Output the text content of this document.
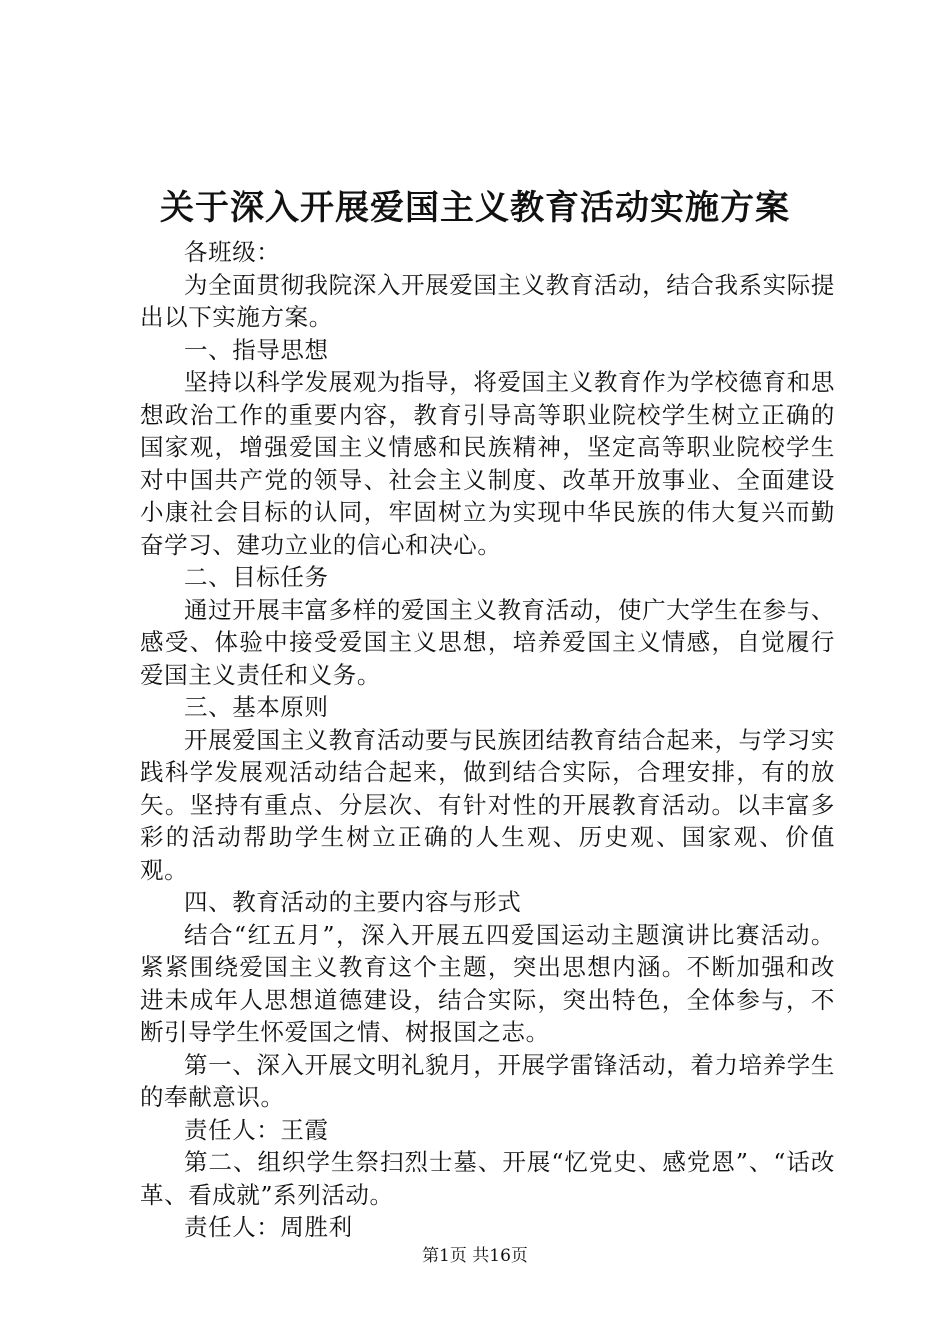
关于深入开展爱国主义教育活动实施方案

各班级：

为全面贯彻我院深入开展爱国主义教育活动，结合我系实际提出以下实施方案。

一、指导思想

坚持以科学发展观为指导，将爱国主义教育作为学校德育和思想政治工作的重要内容，教育引导高等职业院校学生树立正确的国家观，增强爱国主义情感和民族精神，坚定高等职业院校学生对中国共产党的领导、社会主义制度、改革开放事业、全面建设小康社会目标的认同，牢固树立为实现中华民族的伟大复兴而勤奋学习、建功立业的信心和决心。

二、目标任务

通过开展丰富多样的爱国主义教育活动，使广大学生在参与、感受、体验中接受爱国主义思想，培养爱国主义情感，自觉履行爱国主义责任和义务。

三、基本原则

开展爱国主义教育活动要与民族团结教育结合起来，与学习实践科学发展观活动结合起来，做到结合实际，合理安排，有的放矢。坚持有重点、分层次、有针对性的开展教育活动。以丰富多彩的活动帮助学生树立正确的人生观、历史观、国家观、价值观。

四、教育活动的主要内容与形式

结合“红五月”，深入开展五四爱国运动主题演讲比赛活动。紧紧围绕爱国主义教育这个主题，突出思想内涵。不断加强和改进未成年人思想道德建设，结合实际，突出特色，全体参与，不断引导学生怀爱国之情、树报国之志。

第一、深入开展文明礼貌月，开展学雷锋活动，着力培养学生的奉献意识。

责任人：王霞

第二、组织学生祭扫烈士墓、开展“忆党史、感党恩”、“话改革、看成就”系列活动。

责任人：周胜利

第1页 共16页
